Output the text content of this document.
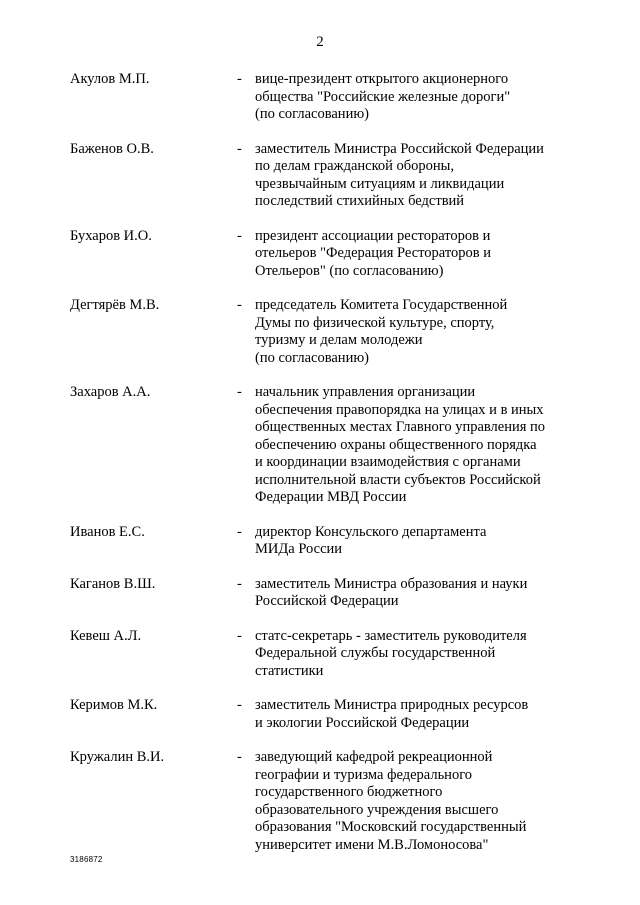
2
Акулов М.П.	- вице-президент открытого акционерного
общества "Российские железные дороги"
(по согласованию)
Баженов О.В.	- заместитель Министра Российской Федерации
по делам гражданской обороны,
чрезвычайным ситуациям и ликвидации
последствий стихийных бедствий
Бухаров И.О.	- президент ассоциации рестораторов и
отельеров "Федерация Рестораторов и
Отельеров" (по согласованию)
Дегтярёв М.В.	- председатель Комитета Государственной
Думы по физической культуре, спорту,
туризму и делам молодежи
(по согласованию)
Захаров А.А.	- начальник управления организации
обеспечения правопорядка на улицах и в иных
общественных местах Главного управления по
обеспечению охраны общественного порядка
и координации взаимодействия с органами
исполнительной власти субъектов Российской
Федерации МВД России
Иванов Е.С.	- директор Консульского департамента
МИДа России
Каганов В.Ш.	- заместитель Министра образования и науки
Российской Федерации
Кевеш А.Л.	- статс-секретарь - заместитель руководителя
Федеральной службы государственной
статистики
Керимов М.К.	- заместитель Министра природных ресурсов
и экологии Российской Федерации
Кружалин В.И.	- заведующий кафедрой рекреационной
географии и туризма федерального
государственного бюджетного
образовательного учреждения высшего
образования "Московский государственный
университет имени М.В.Ломоносова"
3186872
